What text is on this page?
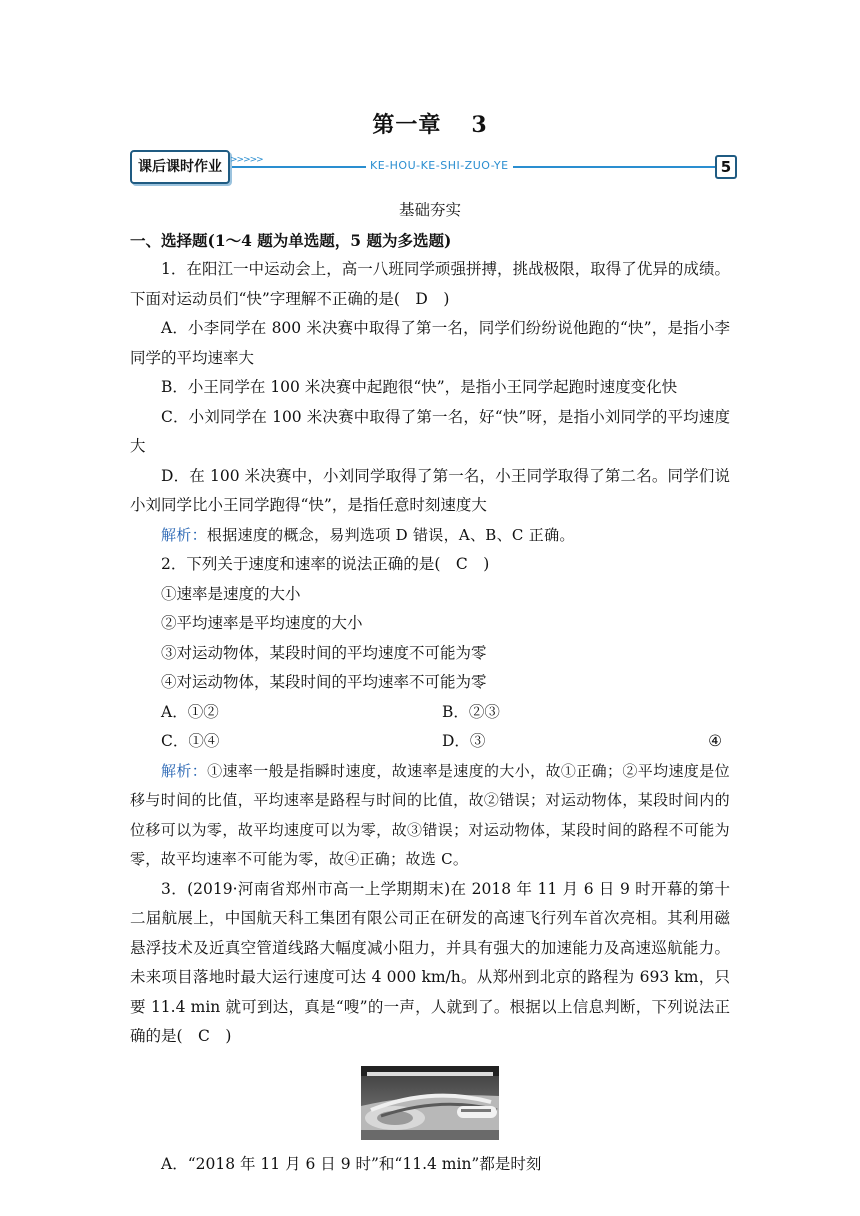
第一章 3
课后课时作业 >>>>>	KE-HOU-KE-SHI-ZUO-YE	5
基础夯实

一、选择题(1～4 题为单选题，5 题为多选题)

1．在阳江一中运动会上，高一八班同学顽强拼搏，挑战极限，取得了优异的成绩。下面对运动员们“快”字理解不正确的是( D )

A．小李同学在 800 米决赛中取得了第一名，同学们纷纷说他跑的“快”，是指小李同学的平均速率大

B．小王同学在 100 米决赛中起跑很“快”，是指小王同学起跑时速度变化快

C．小刘同学在 100 米决赛中取得了第一名，好“快”呀，是指小刘同学的平均速度大

D．在 100 米决赛中，小刘同学取得了第一名，小王同学取得了第二名。同学们说小刘同学比小王同学跑得“快”，是指任意时刻速度大

解析：根据速度的概念，易判选项 D 错误，A、B、C 正确。

2．下列关于速度和速率的说法正确的是( C )

①速率是速度的大小

②平均速率是平均速度的大小

③对运动物体，某段时间的平均速度不可能为零

④对运动物体，某段时间的平均速率不可能为零

A．①②	B．②③
C．①④	D．③	④

解析：①速率一般是指瞬时速度，故速率是速度的大小，故①正确；②平均速度是位移与时间的比值，平均速率是路程与时间的比值，故②错误；对运动物体，某段时间内的位移可以为零，故平均速度可以为零，故③错误；对运动物体，某段时间的路程不可能为零，故平均速率不可能为零，故④正确；故选 C。

3．(2019·河南省郑州市高一上学期期末)在 2018 年 11 月 6 日 9 时开幕的第十二届航展上，中国航天科工集团有限公司正在研发的高速飞行列车首次亮相。其利用磁悬浮技术及近真空管道线路大幅度减小阻力，并具有强大的加速能力及高速巡航能力。未来项目落地时最大运行速度可达 4 000 km/h。从郑州到北京的路程为 693 km，只要 11.4 min 就可到达，真是“嗖”的一声，人就到了。根据以上信息判断，下列说法正确的是( C )

A．“2018 年 11 月 6 日 9 时”和“11.4 min”都是时刻
